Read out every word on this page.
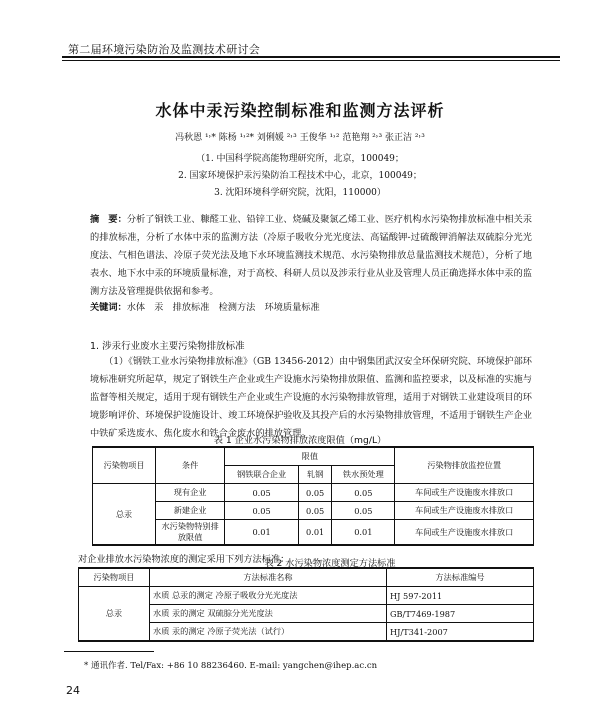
第二届环境污染防治及监测技术研讨会
水体中汞污染控制标准和监测方法评析
冯秋恩 ¹˒* 陈杨 ¹˒²* 刘俐媛 ²˒³ 王俊华 ¹˒² 范艳翔 ²˒³ 张正洁 ²˒³
（1. 中国科学院高能物理研究所，北京，100049；
2. 国家环境保护汞污染防治工程技术中心，北京，100049；
3. 沈阳环境科学研究院，沈阳，110000）
摘　要：分析了铜铁工业、糠醛工业、铅锌工业、烧碱及聚氯乙烯工业、医疗机构水污染物排放标准中相关汞的排放标准，分析了水体中汞的监测方法（冷原子吸收分光光度法、高锰酸钾-过硫酸钾消解法双硫腙分光光度法、气相色谱法、冷原子荧光法及地下水环境监测技术规范、水污染物排放总量监测技术规范），分析了地表水、地下水中汞的环境质量标准，对于高校、科研人员以及涉汞行业从业及管理人员正确选择水体中汞的监测方法及管理提供依据和参考。
关键词：水体　汞　排放标准　检测方法　环境质量标准
1. 涉汞行业废水主要污染物排放标准
（1）《钢铁工业水污染物排放标准》（GB 13456-2012）由中钢集团武汉安全环保研究院、环境保护部环境标准研究所起草，规定了钢铁生产企业或生产设施水污染物排放限值、监测和监控要求，以及标准的实施与监督等相关规定，适用于现有钢铁生产企业或生产设施的水污染物排放管理，适用于对钢铁工业建设项目的环境影响评价、环境保护设施设计、竣工环境保护验收及其投产后的水污染物排放管理，不适用于钢铁生产企业中铁矿采选废水、焦化废水和铁合金废水的排放管理。
表 1 企业水污染物排放浓度限值（mg/L）
污染物项目	条件	限值			污染物排放监控位置
		钢铁联合企业	轧钢	铁水预处理	
总汞	现有企业	0.05	0.05	0.05	车间或生产设施废水排放口
	新建企业	0.05	0.05	0.05	车间或生产设施废水排放口
	水污染物特别排放限值	0.01	0.01	0.01	车间或生产设施废水排放口
对企业排放水污染物浓度的测定采用下列方法标准：
表 2 水污染物浓度测定方法标准
污染物项目	方法标准名称	方法标准编号
总汞	水质 总汞的测定 冷原子吸收分光光度法	HJ 597-2011
	水质 汞的测定 双硫腙分光光度法	GB/T7469-1987
	水质 汞的测定 冷原子荧光法（试行）	HJ/T341-2007
* 通讯作者. Tel/Fax: +86 10 88236460. E-mail: yangchen@ihep.ac.cn
24
